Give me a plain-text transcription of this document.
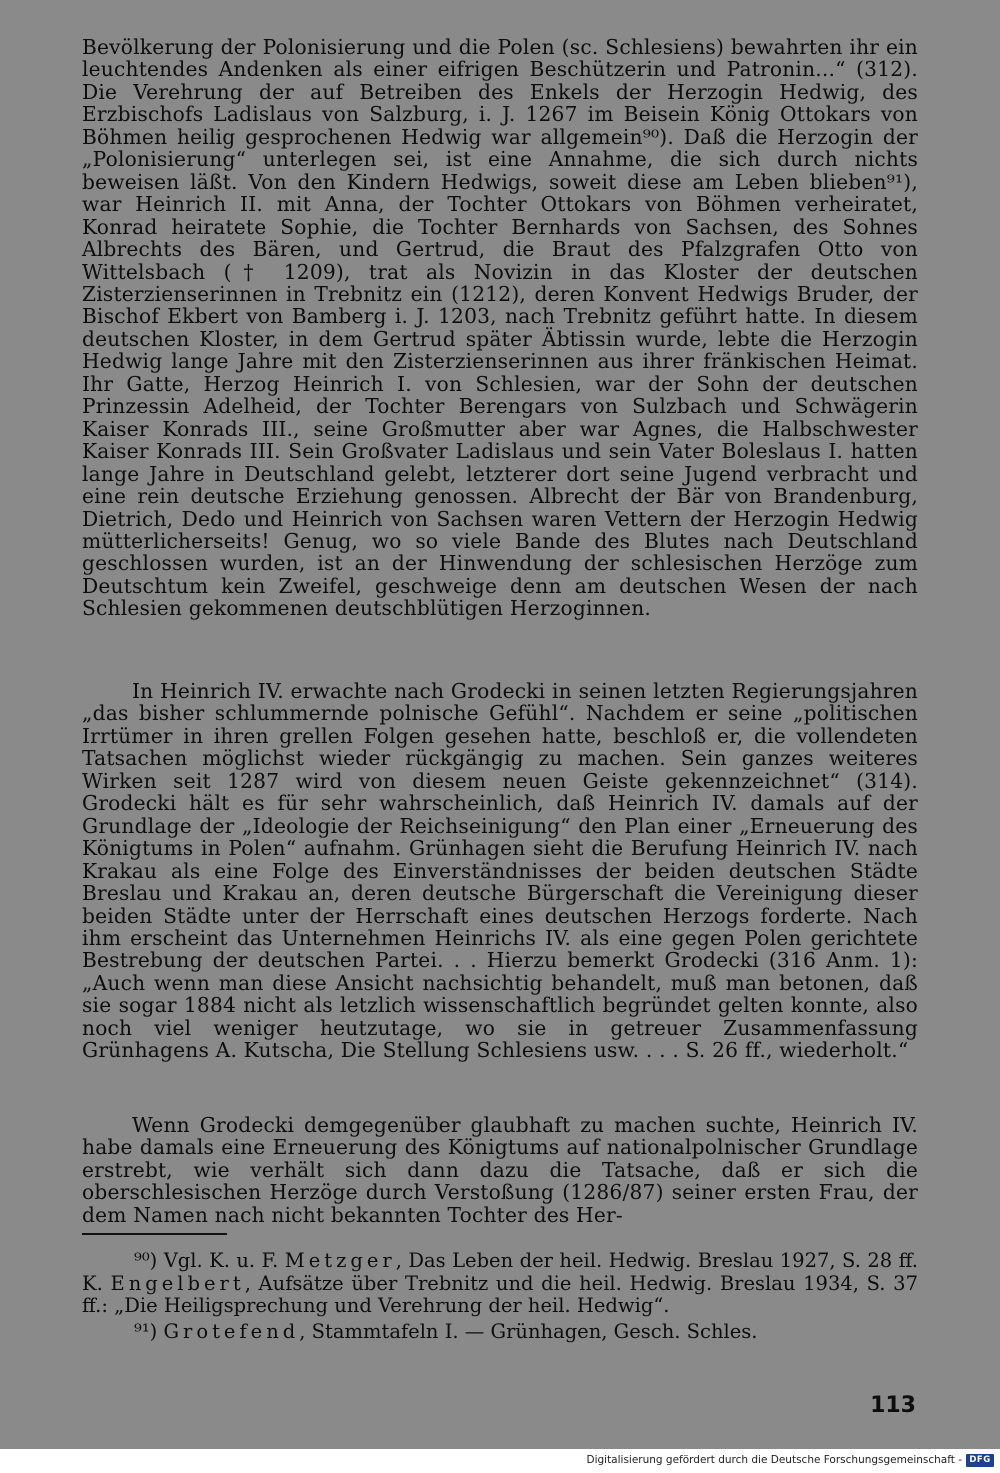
Bevölkerung der Polonisierung und die Polen (sc. Schlesiens) bewahrten ihr ein leuchtendes Andenken als einer eifrigen Beschützerin und Patronin...“ (312). Die Verehrung der auf Betreiben des Enkels der Herzogin Hedwig, des Erzbischofs Ladislaus von Salzburg, i. J. 1267 im Beisein König Ottokars von Böhmen heilig gesprochenen Hedwig war allgemein⁹⁰). Daß die Herzogin der „Polonisierung“ unterlegen sei, ist eine Annahme, die sich durch nichts beweisen läßt. Von den Kindern Hedwigs, soweit diese am Leben blieben⁹¹), war Heinrich II. mit Anna, der Tochter Ottokars von Böhmen verheiratet, Konrad heiratete Sophie, die Tochter Bernhards von Sachsen, des Sohnes Albrechts des Bären, und Gertrud, die Braut des Pfalzgrafen Otto von Wittelsbach († 1209), trat als Novizin in das Kloster der deutschen Zisterzienserinnen in Trebnitz ein (1212), deren Konvent Hedwigs Bruder, der Bischof Ekbert von Bamberg i. J. 1203, nach Trebnitz geführt hatte. In diesem deutschen Kloster, in dem Gertrud später Äbtissin wurde, lebte die Herzogin Hedwig lange Jahre mit den Zisterzienserinnen aus ihrer fränkischen Heimat. Ihr Gatte, Herzog Heinrich I. von Schlesien, war der Sohn der deutschen Prinzessin Adelheid, der Tochter Berengars von Sulzbach und Schwägerin Kaiser Konrads III., seine Großmutter aber war Agnes, die Halbschwester Kaiser Konrads III. Sein Großvater Ladislaus und sein Vater Boleslaus I. hatten lange Jahre in Deutschland gelebt, letzterer dort seine Jugend verbracht und eine rein deutsche Erziehung genossen. Albrecht der Bär von Brandenburg, Dietrich, Dedo und Heinrich von Sachsen waren Vettern der Herzogin Hedwig mütterlicherseits! Genug, wo so viele Bande des Blutes nach Deutschland geschlossen wurden, ist an der Hinwendung der schlesischen Herzöge zum Deutschtum kein Zweifel, geschweige denn am deutschen Wesen der nach Schlesien gekommenen deutschblütigen Herzoginnen.

In Heinrich IV. erwachte nach Grodecki in seinen letzten Regierungsjahren „das bisher schlummernde polnische Gefühl“. Nachdem er seine „politischen Irrtümer in ihren grellen Folgen gesehen hatte, beschloß er, die vollendeten Tatsachen möglichst wieder rückgängig zu machen. Sein ganzes weiteres Wirken seit 1287 wird von diesem neuen Geiste gekennzeichnet“ (314). Grodecki hält es für sehr wahrscheinlich, daß Heinrich IV. damals auf der Grundlage der „Ideologie der Reichseinigung“ den Plan einer „Erneuerung des Königtums in Polen“ aufnahm. Grünhagen sieht die Berufung Heinrich IV. nach Krakau als eine Folge des Einverständnisses der beiden deutschen Städte Breslau und Krakau an, deren deutsche Bürgerschaft die Vereinigung dieser beiden Städte unter der Herrschaft eines deutschen Herzogs forderte. Nach ihm erscheint das Unternehmen Heinrichs IV. als eine gegen Polen gerichtete Bestrebung der deutschen Partei. . . Hierzu bemerkt Grodecki (316 Anm. 1): „Auch wenn man diese Ansicht nachsichtig behandelt, muß man betonen, daß sie sogar 1884 nicht als letzlich wissenschaftlich begründet gelten konnte, also noch viel weniger heutzutage, wo sie in getreuer Zusammenfassung Grünhagens A. Kutscha, Die Stellung Schlesiens usw. . . . S. 26 ff., wiederholt.“

Wenn Grodecki demgegenüber glaubhaft zu machen suchte, Heinrich IV. habe damals eine Erneuerung des Königtums auf nationalpolnischer Grundlage erstrebt, wie verhält sich dann dazu die Tatsache, daß er sich die oberschlesischen Herzöge durch Verstoßung (1286/87) seiner ersten Frau, der dem Namen nach nicht bekannten Tochter des Her-

⁹⁰) Vgl. K. u. F. Metzger, Das Leben der heil. Hedwig. Breslau 1927, S. 28 ff. K. Engelbert, Aufsätze über Trebnitz und die heil. Hedwig. Breslau 1934, S. 37 ff.: „Die Heiligsprechung und Verehrung der heil. Hedwig“.

⁹¹) Grotefend, Stammtafeln I. — Grünhagen, Gesch. Schles.

113
Digitalisierung gefördert durch die Deutsche Forschungsgemeinschaft - DFG
